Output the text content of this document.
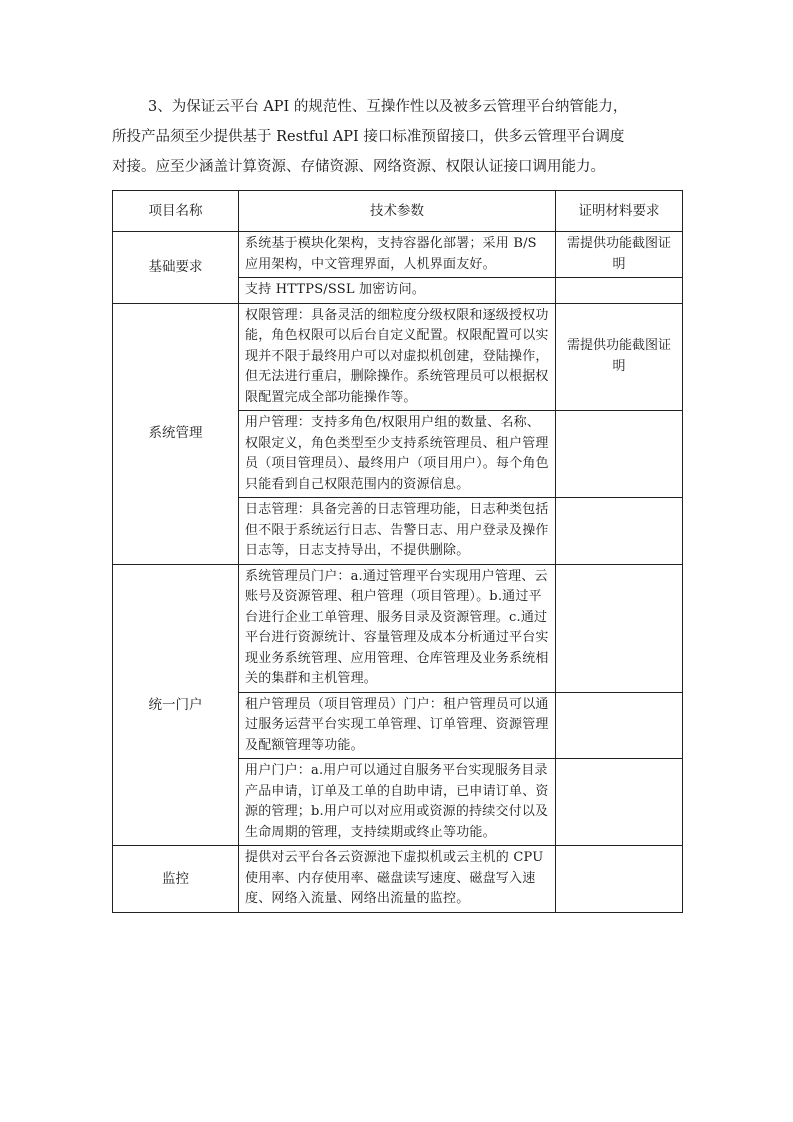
3、为保证云平台 API 的规范性、互操作性以及被多云管理平台纳管能力，

所投产品须至少提供基于 Restful API 接口标准预留接口，供多云管理平台调度

对接。应至少涵盖计算资源、存储资源、网络资源、权限认证接口调用能力。

项目名称	技术参数	证明材料要求
基础要求	系统基于模块化架构，支持容器化部署；采用 B/S 应用架构，中文管理界面，人机界面友好。	需提供功能截图证明
	支持 HTTPS/SSL 加密访问。	
系统管理	权限管理：具备灵活的细粒度分级权限和逐级授权功能，角色权限可以后台自定义配置。权限配置可以实现并不限于最终用户可以对虚拟机创建，登陆操作，但无法进行重启，删除操作。系统管理员可以根据权限配置完成全部功能操作等。	需提供功能截图证明
	用户管理：支持多角色/权限用户组的数量、名称、权限定义，角色类型至少支持系统管理员、租户管理员（项目管理员）、最终用户（项目用户）。每个角色只能看到自己权限范围内的资源信息。	
	日志管理：具备完善的日志管理功能，日志种类包括但不限于系统运行日志、告警日志、用户登录及操作日志等，日志支持导出，不提供删除。	
统一门户	系统管理员门户：a.通过管理平台实现用户管理、云账号及资源管理、租户管理（项目管理）。b.通过平台进行企业工单管理、服务目录及资源管理。c.通过平台进行资源统计、容量管理及成本分析通过平台实现业务系统管理、应用管理、仓库管理及业务系统相关的集群和主机管理。	
	租户管理员（项目管理员）门户：租户管理员可以通过服务运营平台实现工单管理、订单管理、资源管理及配额管理等功能。	
	用户门户：a.用户可以通过自服务平台实现服务目录产品申请，订单及工单的自助申请，已申请订单、资源的管理；b.用户可以对应用或资源的持续交付以及生命周期的管理，支持续期或终止等功能。	
监控	提供对云平台各云资源池下虚拟机或云主机的 CPU 使用率、内存使用率、磁盘读写速度、磁盘写入速度、网络入流量、网络出流量的监控。	
